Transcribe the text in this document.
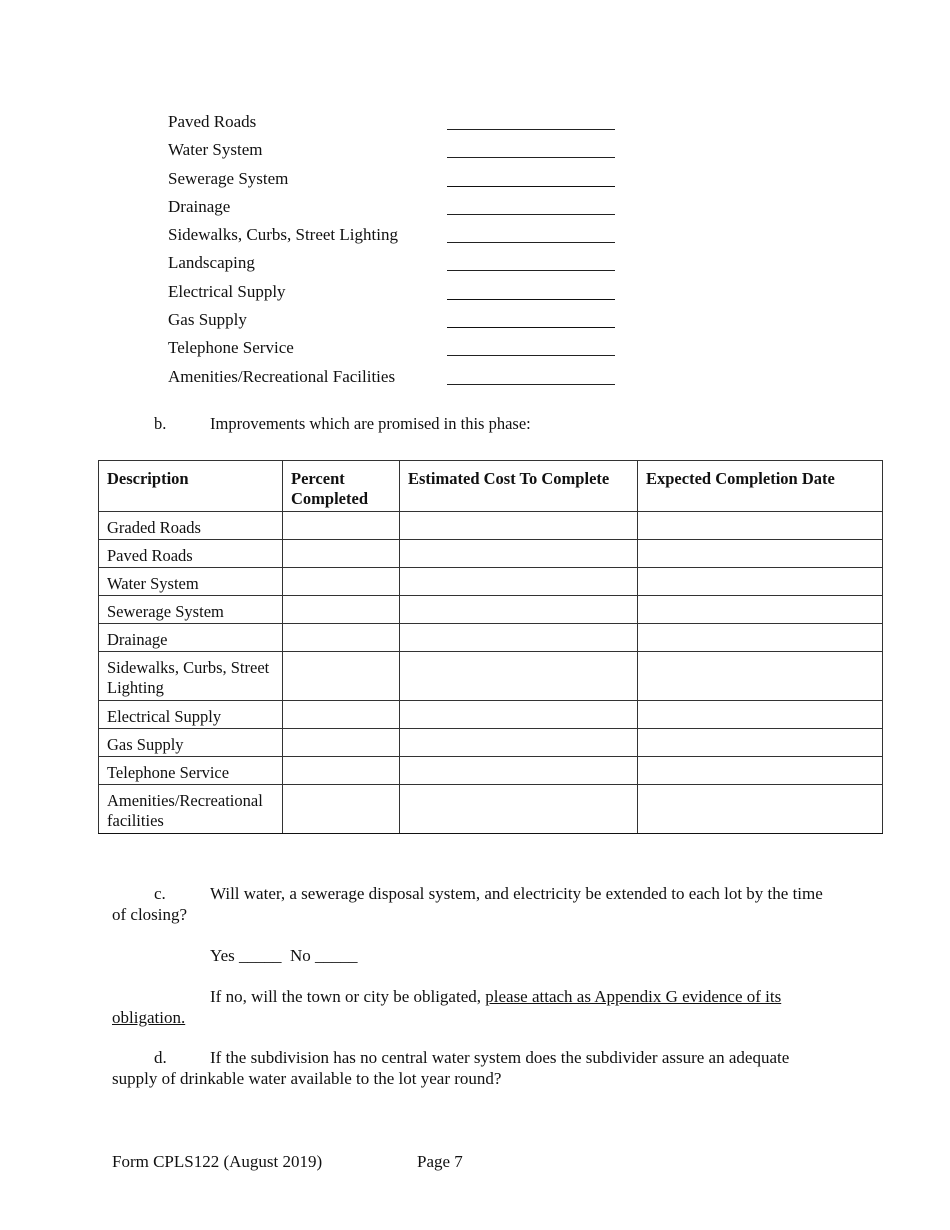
Paved Roads
Water System
Sewerage System
Drainage
Sidewalks, Curbs, Street Lighting
Landscaping
Electrical Supply
Gas Supply
Telephone Service
Amenities/Recreational Facilities
b.	Improvements which are promised in this phase:
Description	Percent Completed	Estimated Cost To Complete	Expected Completion Date
Graded Roads			
Paved Roads			
Water System			
Sewerage System			
Drainage			
Sidewalks, Curbs, Street Lighting			
Electrical Supply			
Gas Supply			
Telephone Service			
Amenities/Recreational facilities			
c.	Will water, a sewerage disposal system, and electricity be extended to each lot by the time of closing?
Yes _____  No _____
If no, will the town or city be obligated, please attach as Appendix G evidence of its obligation.
d.	If the subdivision has no central water system does the subdivider assure an adequate supply of drinkable water available to the lot year round?
Form CPLS122 (August 2019)	Page 7
